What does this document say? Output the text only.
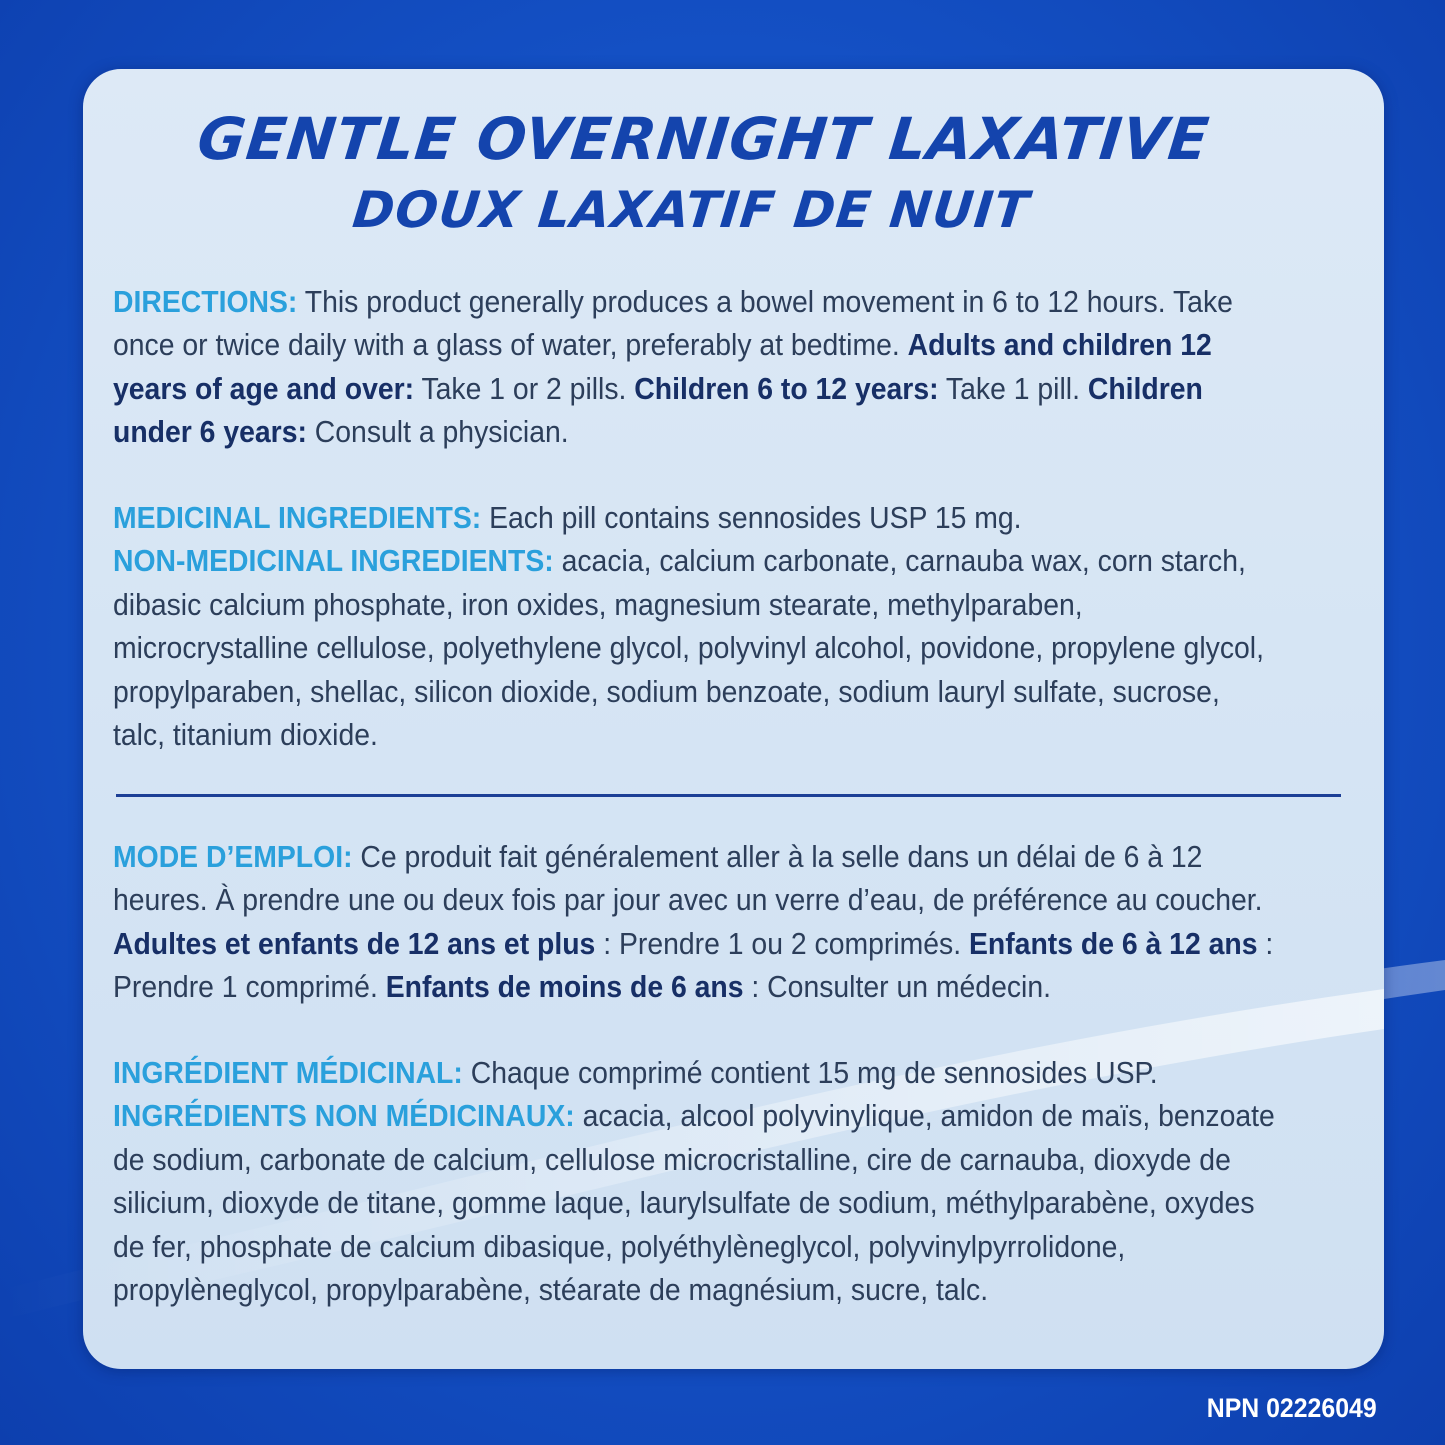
GENTLE OVERNIGHT LAXATIVE
DOUX LAXATIF DE NUIT

DIRECTIONS: This product generally produces a bowel movement in 6 to 12 hours. Take once or twice daily with a glass of water, preferably at bedtime. Adults and children 12 years of age and over: Take 1 or 2 pills. Children 6 to 12 years: Take 1 pill. Children under 6 years: Consult a physician.

MEDICINAL INGREDIENTS: Each pill contains sennosides USP 15 mg.
NON-MEDICINAL INGREDIENTS: acacia, calcium carbonate, carnauba wax, corn starch, dibasic calcium phosphate, iron oxides, magnesium stearate, methylparaben, microcrystalline cellulose, polyethylene glycol, polyvinyl alcohol, povidone, propylene glycol, propylparaben, shellac, silicon dioxide, sodium benzoate, sodium lauryl sulfate, sucrose, talc, titanium dioxide.

MODE D’EMPLOI: Ce produit fait généralement aller à la selle dans un délai de 6 à 12 heures. À prendre une ou deux fois par jour avec un verre d’eau, de préférence au coucher. Adultes et enfants de 12 ans et plus : Prendre 1 ou 2 comprimés. Enfants de 6 à 12 ans : Prendre 1 comprimé. Enfants de moins de 6 ans : Consulter un médecin.

INGRÉDIENT MÉDICINAL: Chaque comprimé contient 15 mg de sennosides USP.
INGRÉDIENTS NON MÉDICINAUX: acacia, alcool polyvinylique, amidon de maïs, benzoate de sodium, carbonate de calcium, cellulose microcristalline, cire de carnauba, dioxyde de silicium, dioxyde de titane, gomme laque, laurylsulfate de sodium, méthylparabène, oxydes de fer, phosphate de calcium dibasique, polyéthylèneglycol, polyvinylpyrrolidone, propylèneglycol, propylparabène, stéarate de magnésium, sucre, talc.

NPN 02226049
